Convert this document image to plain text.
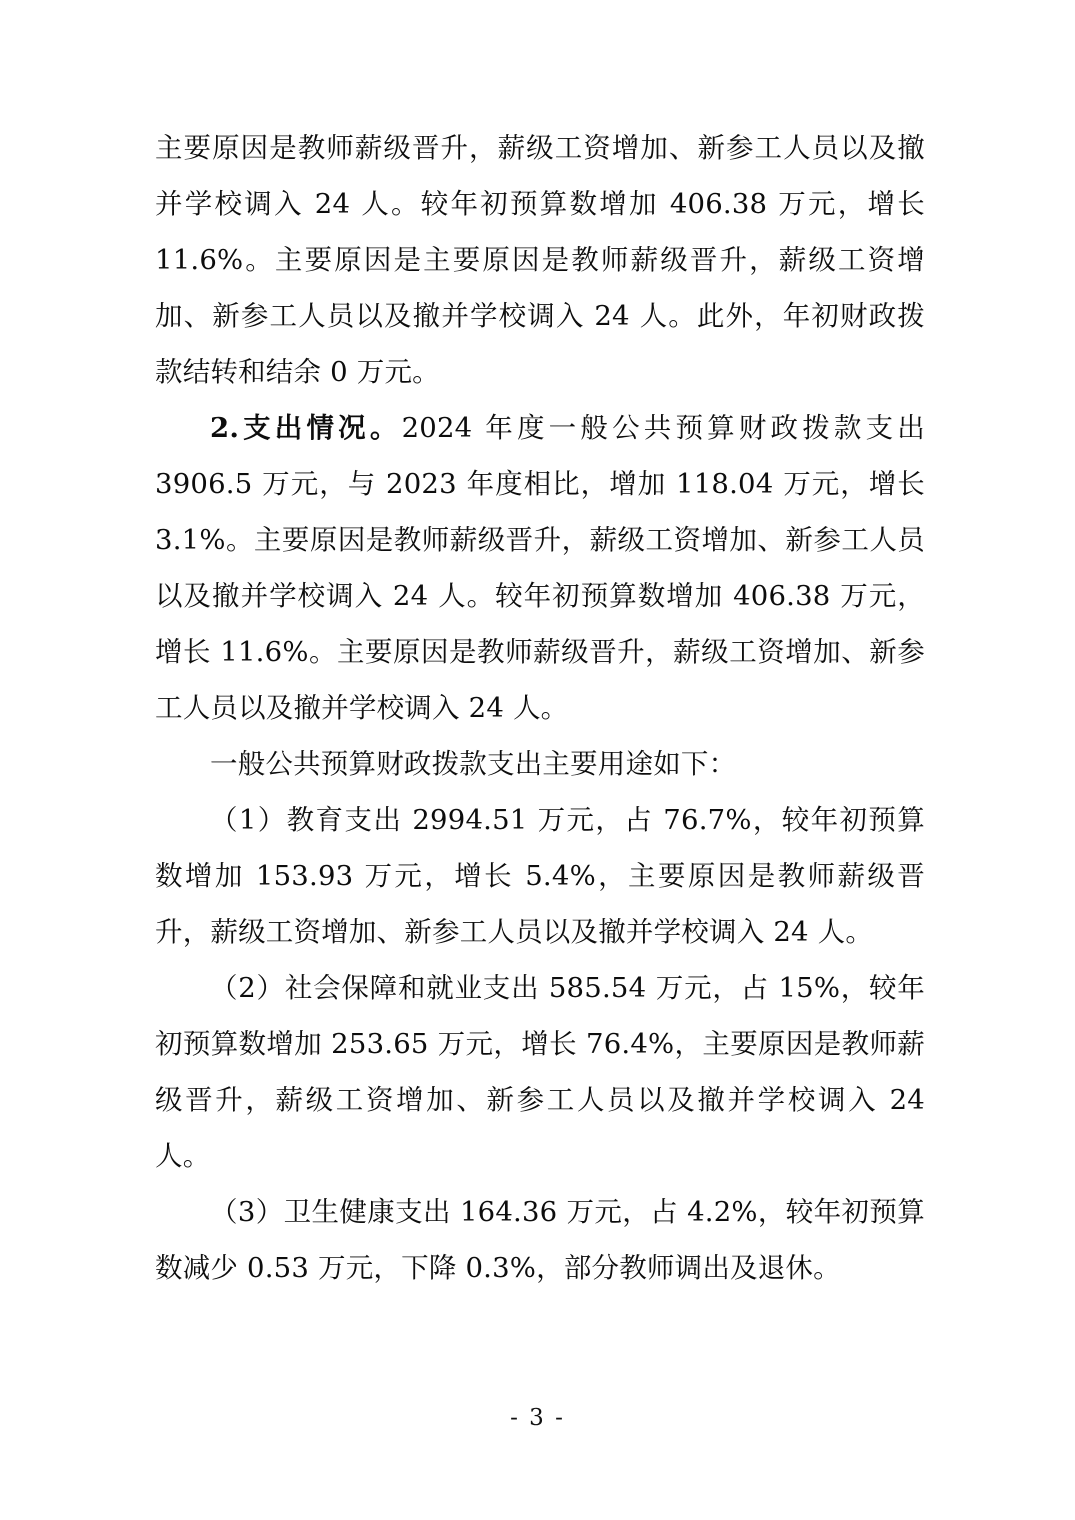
主要原因是教师薪级晋升，薪级工资增加、新参工人员以及撤并学校调入 24 人。较年初预算数增加 406.38 万元，增长 11.6%。主要原因是主要原因是教师薪级晋升，薪级工资增加、新参工人员以及撤并学校调入 24 人。此外，年初财政拨款结转和结余 0 万元。

2.支出情况。2024 年度一般公共预算财政拨款支出 3906.5 万元，与 2023 年度相比，增加 118.04 万元，增长 3.1%。主要原因是教师薪级晋升，薪级工资增加、新参工人员以及撤并学校调入 24 人。较年初预算数增加 406.38 万元，增长 11.6%。主要原因是教师薪级晋升，薪级工资增加、新参工人员以及撤并学校调入 24 人。

一般公共预算财政拨款支出主要用途如下：

（1）教育支出 2994.51 万元，占 76.7%，较年初预算数增加 153.93 万元，增长 5.4%，主要原因是教师薪级晋升，薪级工资增加、新参工人员以及撤并学校调入 24 人。

（2）社会保障和就业支出 585.54 万元，占 15%，较年初预算数增加 253.65 万元，增长 76.4%，主要原因是教师薪级晋升，薪级工资增加、新参工人员以及撤并学校调入 24 人。

（3）卫生健康支出 164.36 万元，占 4.2%，较年初预算数减少 0.53 万元，下降 0.3%，部分教师调出及退休。

- 3 -
